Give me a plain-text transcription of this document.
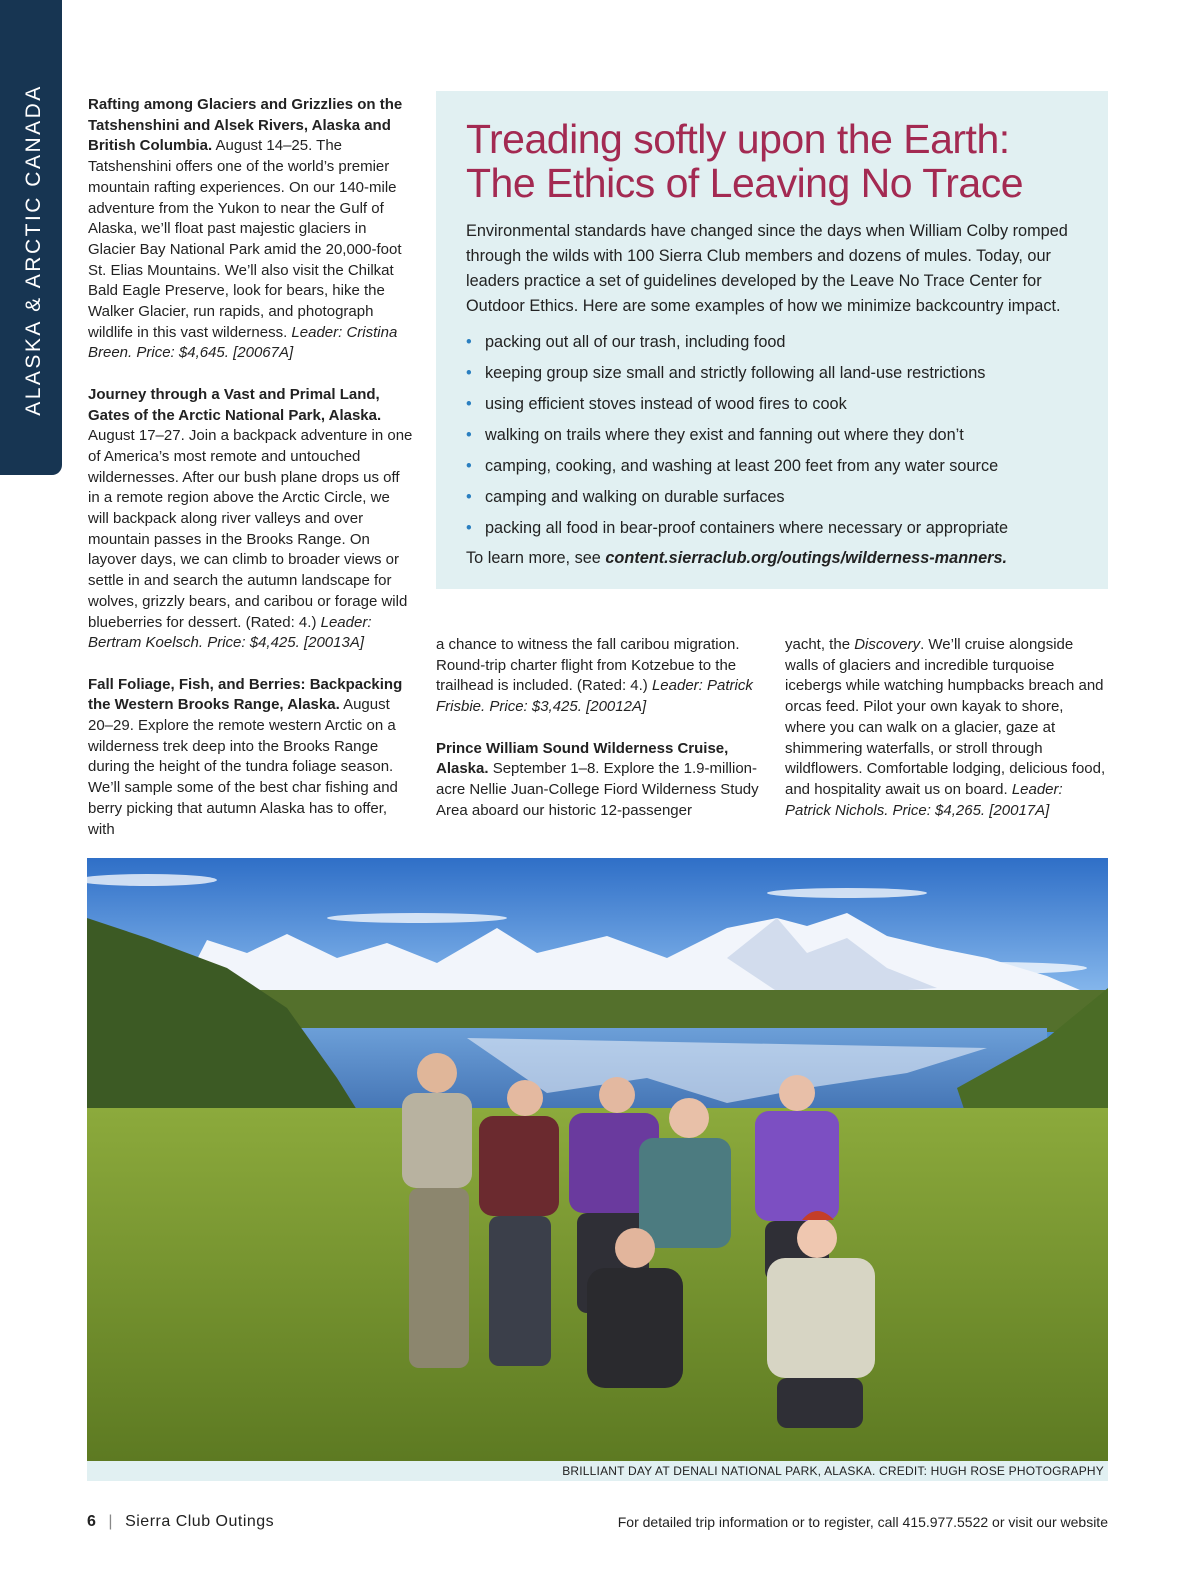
ALASKA & ARCTIC CANADA	Rafting among Glaciers and Grizzlies on the Tatshenshini and Alsek Rivers, Alaska and British Columbia. August 14–25. The Tatshenshini offers one of the world’s premier mountain rafting experiences. On our 140-mile adventure from the Yukon to near the Gulf of Alaska, we’ll float past majestic glaciers in Glacier Bay National Park amid the 20,000-foot St. Elias Mountains. We’ll also visit the Chilkat Bald Eagle Preserve, look for bears, hike the Walker Glacier, run rapids, and photograph wildlife in this vast wilderness. Leader: Cristina Breen. Price: $4,645. [20067A]

Journey through a Vast and Primal Land, Gates of the Arctic National Park, Alaska. August 17–27. Join a backpack adventure in one of America’s most remote and untouched wildernesses. After our bush plane drops us off in a remote region above the Arctic Circle, we will backpack along river valleys and over mountain passes in the Brooks Range. On layover days, we can climb to broader views or settle in and search the autumn landscape for wolves, grizzly bears, and caribou or forage wild blueberries for dessert. (Rated: 4.) Leader: Bertram Koelsch. Price: $4,425. [20013A]

Fall Foliage, Fish, and Berries: Backpacking the Western Brooks Range, Alaska. August 20–29. Explore the remote western Arctic on a wilderness trek deep into the Brooks Range during the height of the tundra foliage season. We’ll sample some of the best char fishing and berry picking that autumn Alaska has to offer, with

Treading softly upon the Earth:
The Ethics of Leaving No Trace

Environmental standards have changed since the days when William Colby romped through the wilds with 100 Sierra Club members and dozens of mules. Today, our leaders practice a set of guidelines developed by the Leave No Trace Center for Outdoor Ethics. Here are some examples of how we minimize backcountry impact.

• packing out all of our trash, including food
• keeping group size small and strictly following all land-use restrictions
• using efficient stoves instead of wood fires to cook
• walking on trails where they exist and fanning out where they don’t
• camping, cooking, and washing at least 200 feet from any water source
• camping and walking on durable surfaces
• packing all food in bear-proof containers where necessary or appropriate

To learn more, see content.sierraclub.org/outings/wilderness-manners.

a chance to witness the fall caribou migration. Round-trip charter flight from Kotzebue to the trailhead is included. (Rated: 4.) Leader: Patrick Frisbie. Price: $3,425. [20012A]

Prince William Sound Wilderness Cruise, Alaska. September 1–8. Explore the 1.9-million-acre Nellie Juan-College Fiord Wilderness Study Area aboard our historic 12-passenger

yacht, the Discovery. We’ll cruise alongside walls of glaciers and incredible turquoise icebergs while watching humpbacks breach and orcas feed. Pilot your own kayak to shore, where you can walk on a glacier, gaze at shimmering waterfalls, or stroll through wildflowers. Comfortable lodging, delicious food, and hospitality await us on board. Leader: Patrick Nichols. Price: $4,265. [20017A]

BRILLIANT DAY AT DENALI NATIONAL PARK, ALASKA. CREDIT: HUGH ROSE PHOTOGRAPHY
6 | Sierra Club Outings	For detailed trip information or to register, call 415.977.5522 or visit our website
